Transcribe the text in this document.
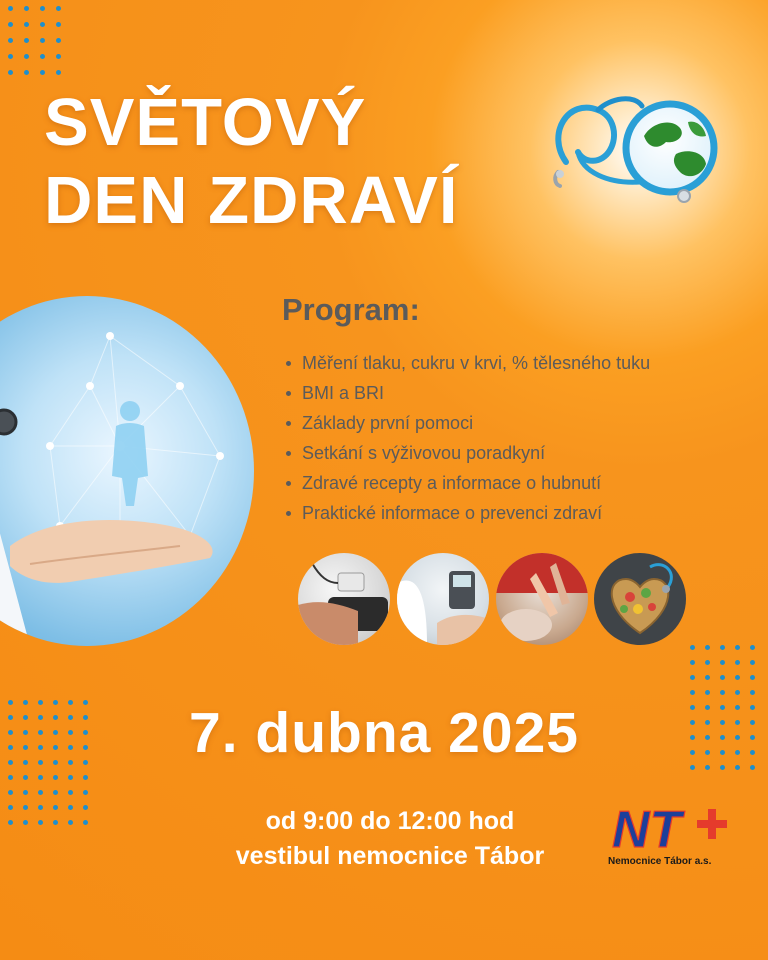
SVĚTOVÝ
DEN ZDRAVÍ
Program:
Měření tlaku, cukru v krvi, % tělesného tuku
BMI a BRI
Základy první pomoci
Setkání s výživovou poradkyní
Zdravé recepty a informace o hubnutí
Praktické informace o prevenci zdraví
7. dubna 2025
od 9:00 do 12:00 hod
vestibul nemocnice Tábor	NT
Nemocnice Tábor a.s.
